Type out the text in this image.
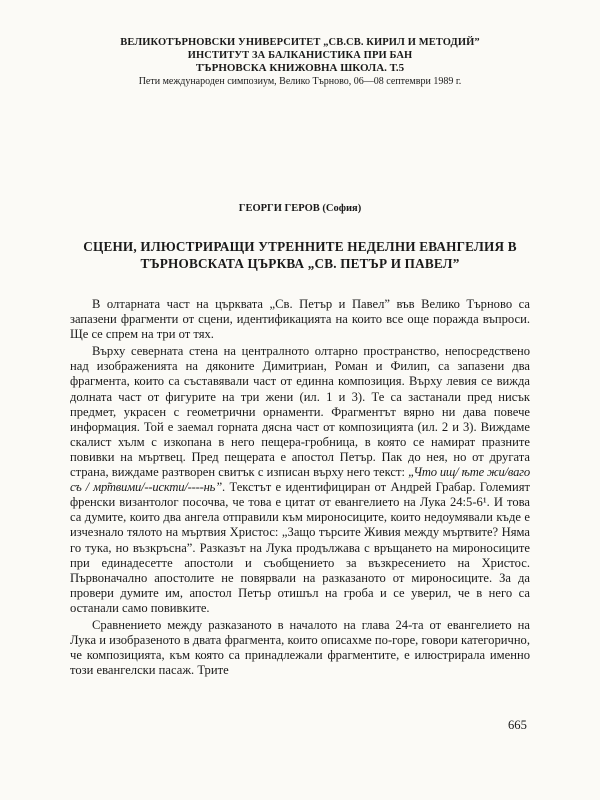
ВЕЛИКОТЪРНОВСКИ УНИВЕРСИТЕТ „СВ.СВ. КИРИЛ И МЕТОДИЙ”
ИНСТИТУТ ЗА БАЛКАНИСТИКА ПРИ БАН
ТЪРНОВСКА КНИЖОВНА ШКОЛА. Т.5
Пети международен симпозиум, Велико Търново, 06—08 септември 1989 г.
ГЕОРГИ ГЕРОВ (София)
СЦЕНИ, ИЛЮСТРИРАЩИ УТРЕННИТЕ НЕДЕЛНИ ЕВАНГЕЛИЯ В
ТЪРНОВСКАТА ЦЪРКВА „СВ. ПЕТЪР И ПАВЕЛ”

В олтарната част на църквата „Св. Петър и Павел” във Велико Търново са запазени фрагменти от сцени, идентификацията на които все още поражда въпроси. Ще се спрем на три от тях.

Върху северната стена на централното олтарно пространство, непосредствено над изображенията на дяконите Димитриан, Роман и Филип, са запазени два фрагмента, които са съставявали част от единна композиция. Върху левия се вижда долната част от фигурите на три жени (ил. 1 и 3). Те са застанали пред нисък предмет, украсен с геометрични орнаменти. Фрагментът вярно ни дава повече информация. Той е заемал горната дясна част от композицията (ил. 2 и 3). Виждаме скалист хълм с изкопана в него пещера-гробница, в която се намират празните повивки на мъртвец. Пред пещерата е апостол Петър. Пак до нея, но от другата страна, виждаме разтворен свитък с изписан върху него текст: „Что ищ/ ѣте жи/ваго съ / мр̃твими/--искти/----нь”. Текстът е идентифициран от Андрей Грабар. Големият френски византолог посочва, че това е цитат от евангелието на Лука 24:5-6¹. И това са думите, които два ангела отправили към мироносиците, които недоумявали къде е изчезнало тялото на мъртвия Христос: „Защо търсите Живия между мъртвите? Няма го тука, но възкръсна”. Разказът на Лука продължава с връщането на мироносиците при единадесетте апостоли и съобщението за възкресението на Христос. Първоначално апостолите не повярвали на разказаното от мироносиците. За да провери думите им, апостол Петър отишъл на гроба и се уверил, че в него са останали само повивките.

Сравнението между разказаното в началото на глава 24-та от евангелието на Лука и изобразеното в двата фрагмента, които описахме по-горе, говори категорично, че композицията, към която са принадлежали фрагментите, е илюстрирала именно този евангелски пасаж. Трите

665
